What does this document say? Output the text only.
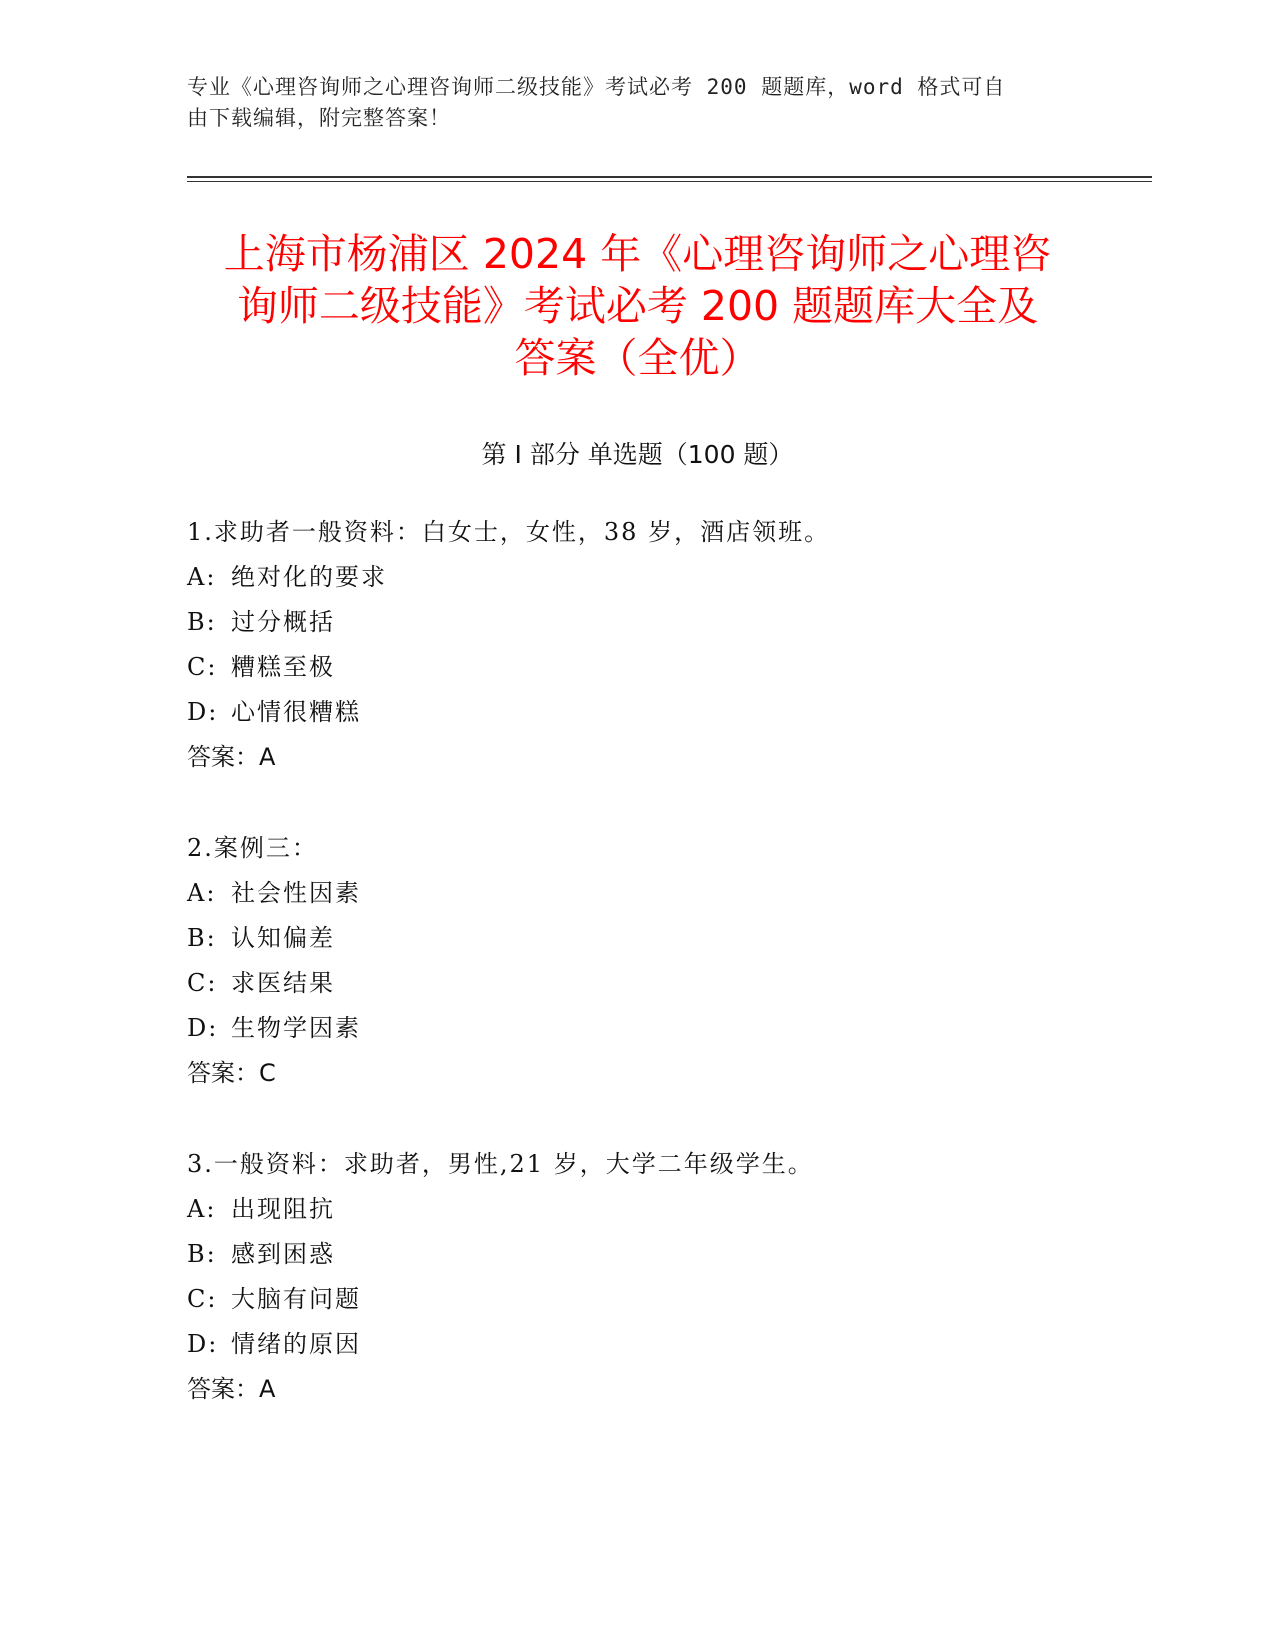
专业《心理咨询师之心理咨询师二级技能》考试必考 200 题题库，word 格式可自
由下载编辑，附完整答案！
上海市杨浦区 2024 年《心理咨询师之心理咨
询师二级技能》考试必考 200 题题库大全及
答案（全优）
第 I 部分 单选题（100 题）
1.求助者一般资料：白女士，女性，38 岁，酒店领班。
A: 绝对化的要求
B: 过分概括
C: 糟糕至极
D: 心情很糟糕
答案：A
2.案例三：
A: 社会性因素
B: 认知偏差
C: 求医结果
D: 生物学因素
答案：C
3.一般资料：求助者，男性,21 岁，大学二年级学生。
A: 出现阻抗
B: 感到困惑
C: 大脑有问题
D: 情绪的原因
答案：A
